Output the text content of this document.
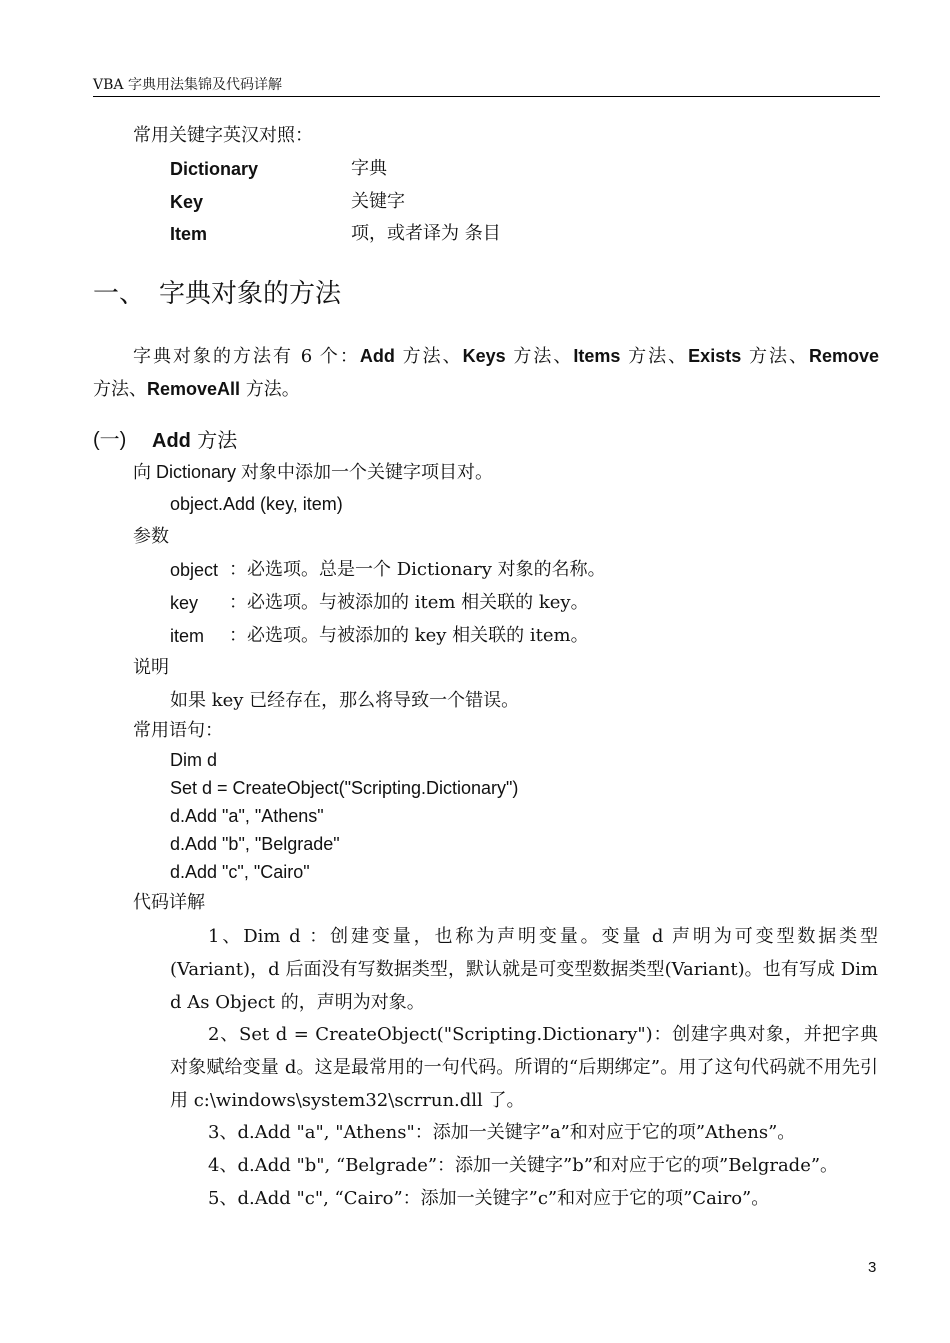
VBA 字典用法集锦及代码详解
常用关键字英汉对照：
Dictionary	字典
Key	关键字
Item	项，或者译为 条目
一、 字典对象的方法
字典对象的方法有 6 个：Add 方法、Keys 方法、Items 方法、Exists 方法、Remove
方法、RemoveAll 方法。
(一) Add 方法
向 Dictionary 对象中添加一个关键字项目对。
object.Add (key, item)
参数
object ：必选项。总是一个 Dictionary 对象的名称。
key ：必选项。与被添加的 item 相关联的 key。
item ：必选项。与被添加的 key 相关联的 item。
说明
如果 key 已经存在，那么将导致一个错误。
常用语句：
Dim d
Set d = CreateObject("Scripting.Dictionary")
d.Add "a", "Athens"
d.Add "b", "Belgrade"
d.Add "c", "Cairo"
代码详解
1、Dim d ：创建变量，也称为声明变量。变量 d 声明为可变型数据类型(Variant)，d 后面没有写数据类型，默认就是可变型数据类型(Variant)。也有写成 Dim d As Object 的，声明为对象。
2、Set d = CreateObject("Scripting.Dictionary")：创建字典对象，并把字典对象赋给变量 d。这是最常用的一句代码。所谓的“后期绑定”。用了这句代码就不用先引用 c:\windows\system32\scrrun.dll 了。
3、d.Add "a", "Athens"：添加一关键字”a”和对应于它的项”Athens”。
4、d.Add "b", “Belgrade”：添加一关键字”b”和对应于它的项”Belgrade”。
5、d.Add "c", “Cairo”：添加一关键字”c”和对应于它的项”Cairo”。
3
